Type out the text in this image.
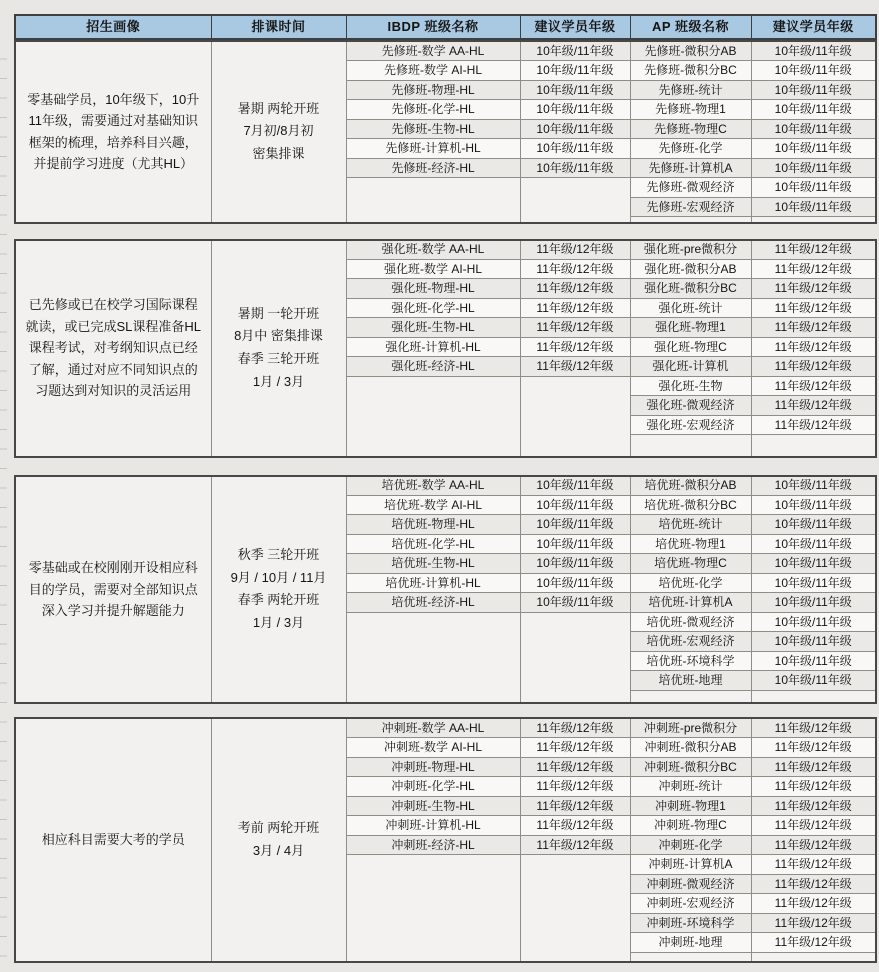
招生画像	排课时间	IBDP 班级名称	建议学员年级	AP 班级名称	建议学员年级
零基础学员，10年级下，10升11年级，需要通过对基础知识框架的梳理，培养科目兴趣，并提前学习进度（尤其HL）	暑期 两轮开班
7月初/8月初
密集排课	先修班-数学 AA-HL	10年级/11年级	先修班-微积分AB	10年级/11年级
		先修班-数学 AI-HL	10年级/11年级	先修班-微积分BC	10年级/11年级
		先修班-物理-HL	10年级/11年级	先修班-统计	10年级/11年级
		先修班-化学-HL	10年级/11年级	先修班-物理1	10年级/11年级
		先修班-生物-HL	10年级/11年级	先修班-物理C	10年级/11年级
		先修班-计算机-HL	10年级/11年级	先修班-化学	10年级/11年级
		先修班-经济-HL	10年级/11年级	先修班-计算机A	10年级/11年级
				先修班-微观经济	10年级/11年级
				先修班-宏观经济	10年级/11年级

已先修或已在校学习国际课程就读，或已完成SL课程准备HL课程考试，对考纲知识点已经了解，通过对应不同知识点的习题达到对知识的灵活运用	暑期 一轮开班
8月中 密集排课
春季 三轮开班
1月 / 3月	强化班-数学 AA-HL	11年级/12年级	强化班-pre微积分	11年级/12年级
		强化班-数学 AI-HL	11年级/12年级	强化班-微积分AB	11年级/12年级
		强化班-物理-HL	11年级/12年级	强化班-微积分BC	11年级/12年级
		强化班-化学-HL	11年级/12年级	强化班-统计	11年级/12年级
		强化班-生物-HL	11年级/12年级	强化班-物理1	11年级/12年级
		强化班-计算机-HL	11年级/12年级	强化班-物理C	11年级/12年级
		强化班-经济-HL	11年级/12年级	强化班-计算机	11年级/12年级
				强化班-生物	11年级/12年级
				强化班-微观经济	11年级/12年级
				强化班-宏观经济	11年级/12年级

零基础或在校刚刚开设相应科目的学员，需要对全部知识点深入学习并提升解题能力	秋季 三轮开班
9月 / 10月 / 11月
春季 两轮开班
1月 / 3月	培优班-数学 AA-HL	10年级/11年级	培优班-微积分AB	10年级/11年级
		培优班-数学 AI-HL	10年级/11年级	培优班-微积分BC	10年级/11年级
		培优班-物理-HL	10年级/11年级	培优班-统计	10年级/11年级
		培优班-化学-HL	10年级/11年级	培优班-物理1	10年级/11年级
		培优班-生物-HL	10年级/11年级	培优班-物理C	10年级/11年级
		培优班-计算机-HL	10年级/11年级	培优班-化学	10年级/11年级
		培优班-经济-HL	10年级/11年级	培优班-计算机A	10年级/11年级
				培优班-微观经济	10年级/11年级
				培优班-宏观经济	10年级/11年级
				培优班-环境科学	10年级/11年级
				培优班-地理	10年级/11年级

相应科目需要大考的学员	考前 两轮开班
3月 / 4月	冲刺班-数学 AA-HL	11年级/12年级	冲刺班-pre微积分	11年级/12年级
		冲刺班-数学 AI-HL	11年级/12年级	冲刺班-微积分AB	11年级/12年级
		冲刺班-物理-HL	11年级/12年级	冲刺班-微积分BC	11年级/12年级
		冲刺班-化学-HL	11年级/12年级	冲刺班-统计	11年级/12年级
		冲刺班-生物-HL	11年级/12年级	冲刺班-物理1	11年级/12年级
		冲刺班-计算机-HL	11年级/12年级	冲刺班-物理C	11年级/12年级
		冲刺班-经济-HL	11年级/12年级	冲刺班-化学	11年级/12年级
				冲刺班-计算机A	11年级/12年级
				冲刺班-微观经济	11年级/12年级
				冲刺班-宏观经济	11年级/12年级
				冲刺班-环境科学	11年级/12年级
				冲刺班-地理	11年级/12年级
